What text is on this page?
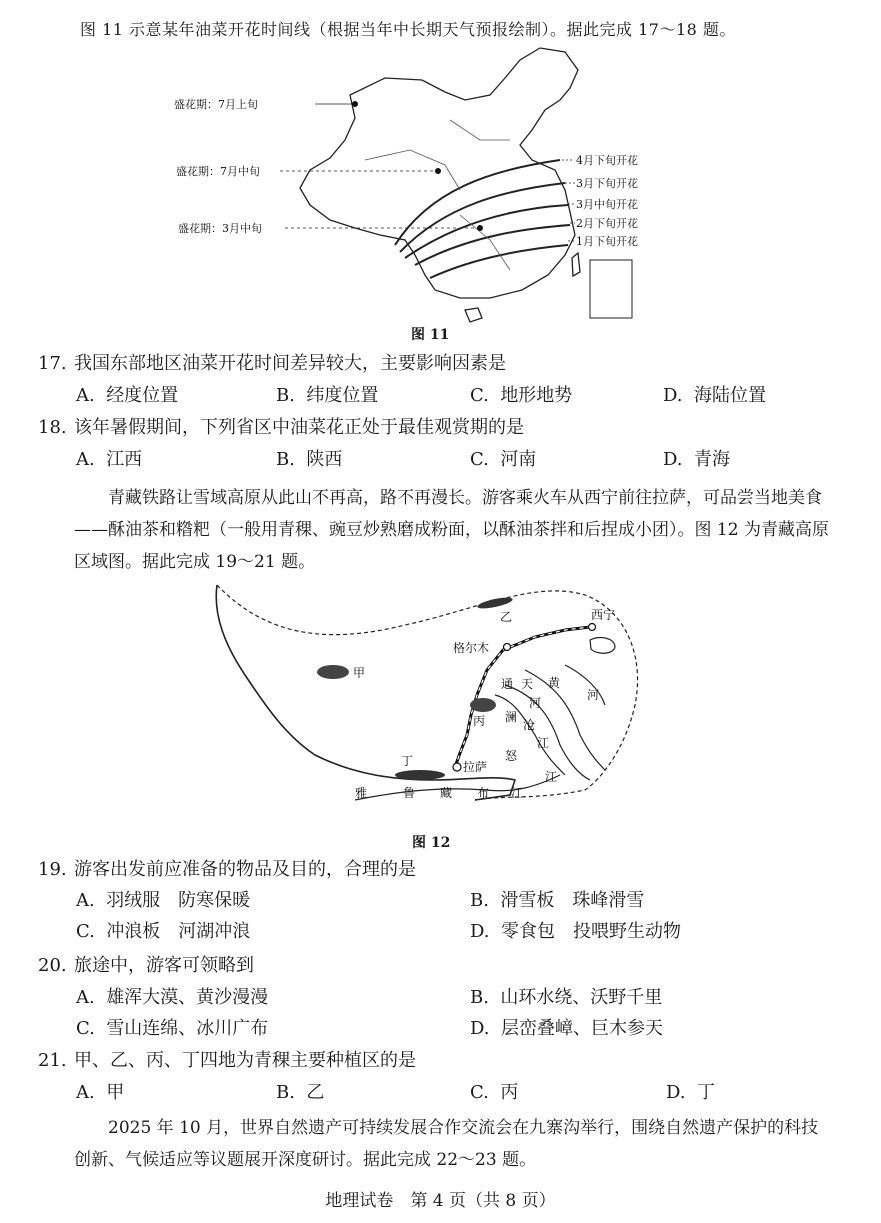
图 11 示意某年油菜开花时间线（根据当年中长期天气预报绘制）。据此完成 17～18 题。
盛花期：7月上旬
盛花期：7月中旬
盛花期：3月中旬
4月下旬开花
3月下旬开花
3月中旬开花
2月下旬开花
1月下旬开花
图 11
17. 我国东部地区油菜开花时间差异较大，主要影响因素是
A. 经度位置	B. 纬度位置	C. 地形地势	D. 海陆位置
18. 该年暑假期间，下列省区中油菜花正处于最佳观赏期的是
A. 江西	B. 陕西	C. 河南	D. 青海
青藏铁路让雪域高原从此山不再高，路不再漫长。游客乘火车从西宁前往拉萨，可品尝当地美食——酥油茶和糌粑（一般用青稞、豌豆炒熟磨成粉面，以酥油茶拌和后捏成小团）。图 12 为青藏高原区域图。据此完成 19～21 题。
甲
乙
丙
丁
西宁
格尔木
拉萨
通 天
河
澜
沧
江
怒
江
黄
河
雅	鲁 藏 布 江
图 12
19. 游客出发前应准备的物品及目的，合理的是
A. 羽绒服　防寒保暖	B. 滑雪板　珠峰滑雪
C. 冲浪板　河湖冲浪	D. 零食包　投喂野生动物
20. 旅途中，游客可领略到
A. 雄浑大漠、黄沙漫漫	B. 山环水绕、沃野千里
C. 雪山连绵、冰川广布	D. 层峦叠嶂、巨木参天
21. 甲、乙、丙、丁四地为青稞主要种植区的是
A. 甲	B. 乙	C. 丙	D. 丁
2025 年 10 月，世界自然遗产可持续发展合作交流会在九寨沟举行，围绕自然遗产保护的科技创新、气候适应等议题展开深度研讨。据此完成 22～23 题。
地理试卷　第 4 页（共 8 页）
